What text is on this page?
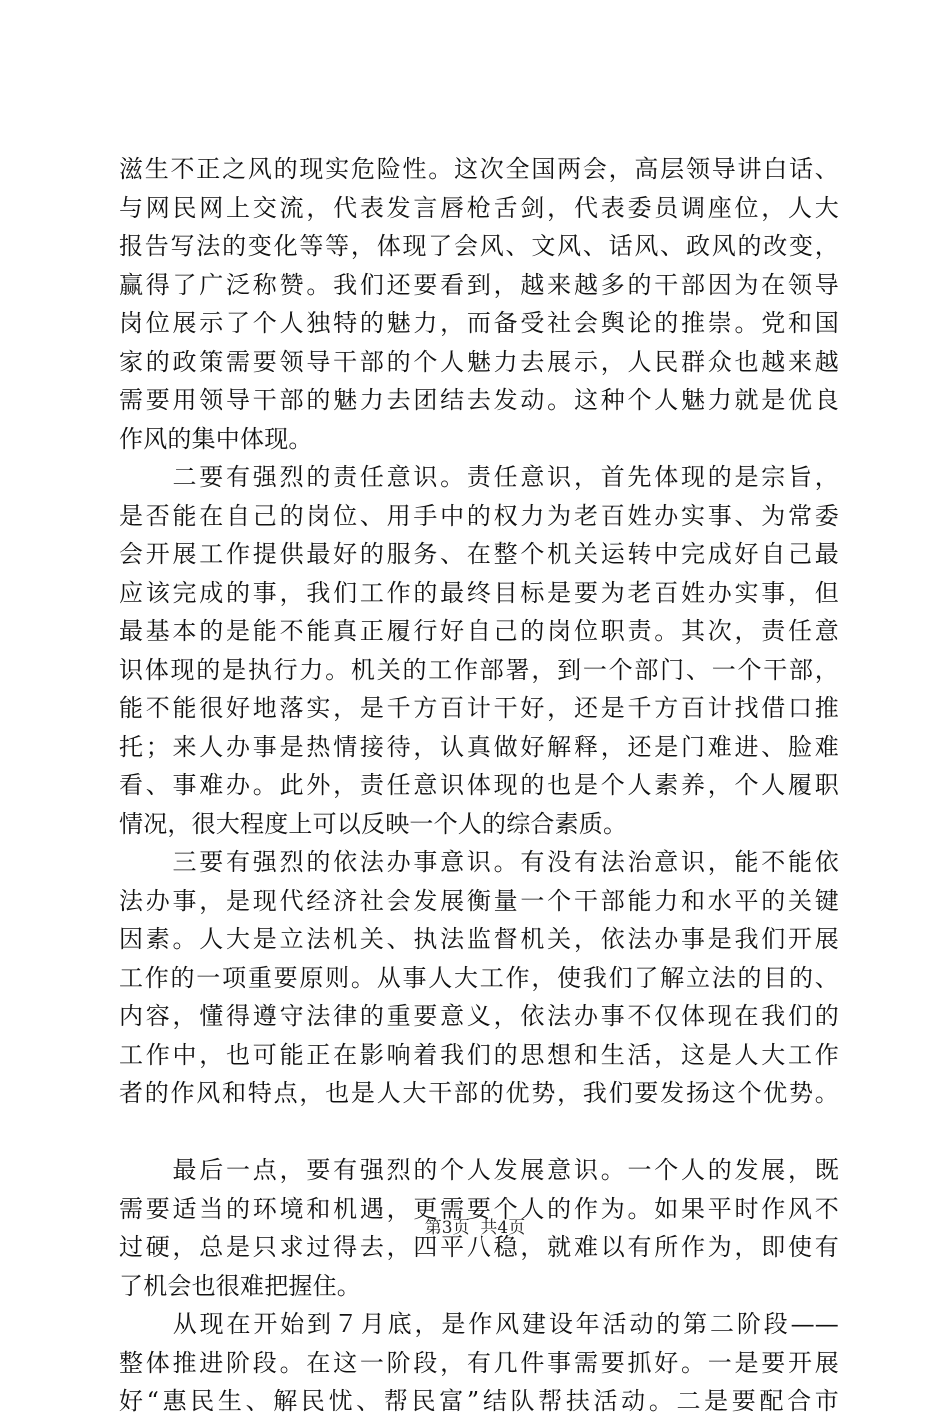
滋生不正之风的现实危险性。这次全国两会，高层领导讲白话、
与网民网上交流，代表发言唇枪舌剑，代表委员调座位，人大
报告写法的变化等等，体现了会风、文风、话风、政风的改变，
赢得了广泛称赞。我们还要看到，越来越多的干部因为在领导
岗位展示了个人独特的魅力，而备受社会舆论的推崇。党和国
家的政策需要领导干部的个人魅力去展示，人民群众也越来越
需要用领导干部的魅力去团结去发动。这种个人魅力就是优良
作风的集中体现。
　　二要有强烈的责任意识。责任意识，首先体现的是宗旨，
是否能在自己的岗位、用手中的权力为老百姓办实事、为常委
会开展工作提供最好的服务、在整个机关运转中完成好自己最
应该完成的事，我们工作的最终目标是要为老百姓办实事，但
最基本的是能不能真正履行好自己的岗位职责。其次，责任意
识体现的是执行力。机关的工作部署，到一个部门、一个干部，
能不能很好地落实，是千方百计干好，还是千方百计找借口推
托；来人办事是热情接待，认真做好解释，还是门难进、脸难
看、事难办。此外，责任意识体现的也是个人素养，个人履职
情况，很大程度上可以反映一个人的综合素质。
　　三要有强烈的依法办事意识。有没有法治意识，能不能依
法办事，是现代经济社会发展衡量一个干部能力和水平的关键
因素。人大是立法机关、执法监督机关，依法办事是我们开展
工作的一项重要原则。从事人大工作，使我们了解立法的目的、
内容，懂得遵守法律的重要意义，依法办事不仅体现在我们的
工作中，也可能正在影响着我们的思想和生活，这是人大工作
者的作风和特点，也是人大干部的优势，我们要发扬这个优势。
　　最后一点，要有强烈的个人发展意识。一个人的发展，既
需要适当的环境和机遇，更需要个人的作为。如果平时作风不
过硬，总是只求过得去，四平八稳，就难以有所作为，即使有
了机会也很难把握住。
　　从现在开始到７月底，是作风建设年活动的第二阶段——
整体推进阶段。在这一阶段，有几件事需要抓好。一是要开展
好“惠民生、解民忧、帮民富”结队帮扶活动。二是要配合市
第3页  共4页
